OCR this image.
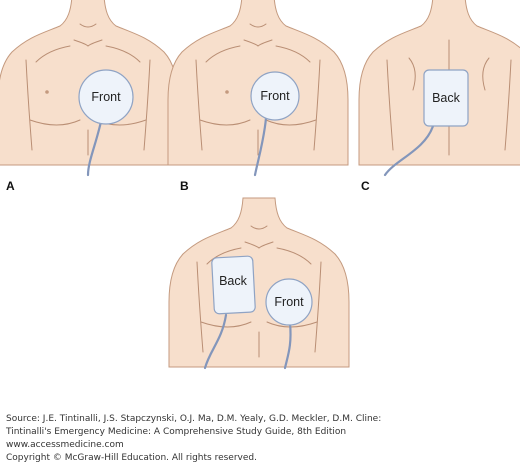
Front
A
Front
B
Back
C
Back
Front
Source: J.E. Tintinalli, J.S. Stapczynski, O.J. Ma, D.M. Yealy, G.D. Meckler, D.M. Cline:
Tintinalli's Emergency Medicine: A Comprehensive Study Guide, 8th Edition
www.accessmedicine.com
Copyright © McGraw-Hill Education. All rights reserved.
